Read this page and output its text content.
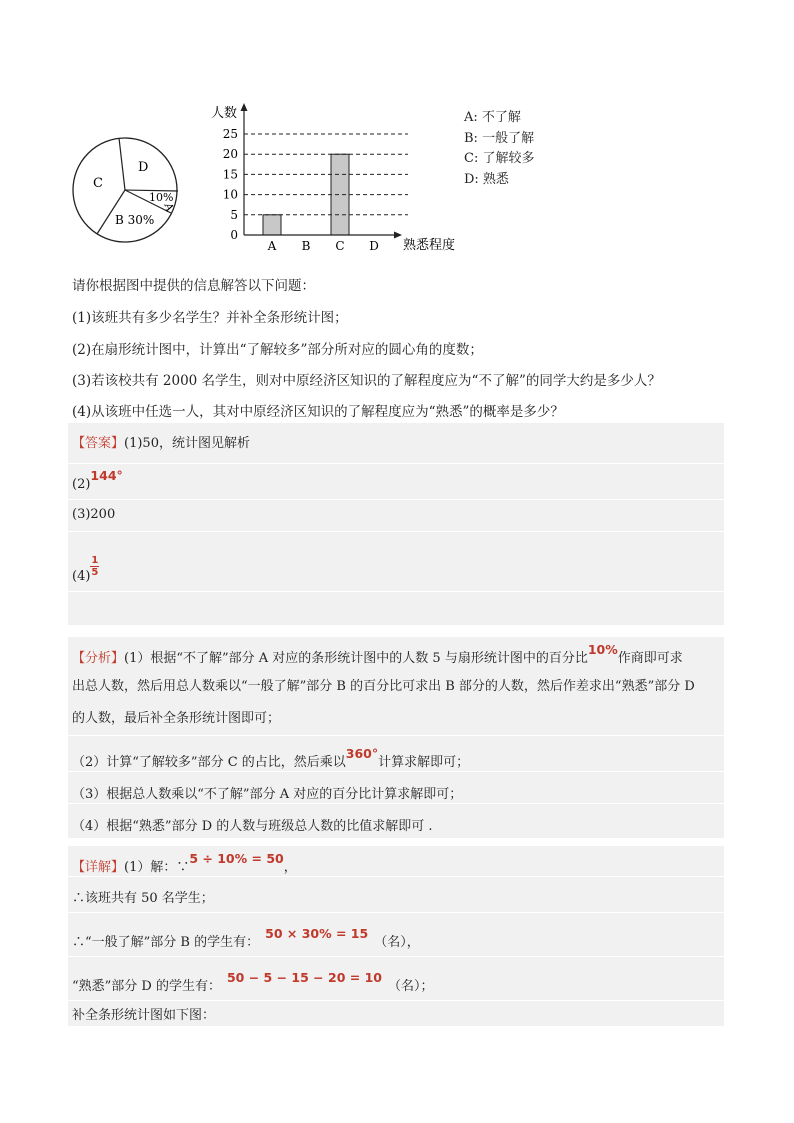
C
D
B 30%
10%
A
人数
熟悉程度
0
5
10
15
20
25
A B C D
A: 不了解
B: 一般了解
C: 了解较多
D: 熟悉
请你根据图中提供的信息解答以下问题：
(1)该班共有多少名学生？并补全条形统计图；
(2)在扇形统计图中，计算出“了解较多”部分所对应的圆心角的度数；
(3)若该校共有 2000 名学生，则对中原经济区知识的了解程度应为“不了解”的同学大约是多少人？
(4)从该班中任选一人，其对中原经济区知识的了解程度应为“熟悉”的概率是多少？
【答案】(1)50，统计图见解析
(2)144°
(3)200
$(4) \frac{1}{5}$
【分析】(1）根据“不了解”部分 A 对应的条形统计图中的人数 5 与扇形统计图中的百分比10%作商即可求
出总人数，然后用总人数乘以“一般了解”部分 B 的百分比可求出 B 部分的人数，然后作差求出“熟悉”部分 D
的人数，最后补全条形统计图即可；
（2）计算“了解较多”部分 C 的占比，然后乘以360°计算求解即可；
（3）根据总人数乘以“不了解”部分 A 对应的百分比计算求解即可；
（4）根据“熟悉”部分 D 的人数与班级总人数的比值求解即可 .
【详解】(1）解：∵5 ÷ 10% = 50，
∴该班共有 50 名学生；
∴“一般了解”部分 B 的学生有：50 × 30% = 15（名），
“熟悉”部分 D 的学生有：50 − 5 − 15 − 20 = 10（名）；
补全条形统计图如下图：
